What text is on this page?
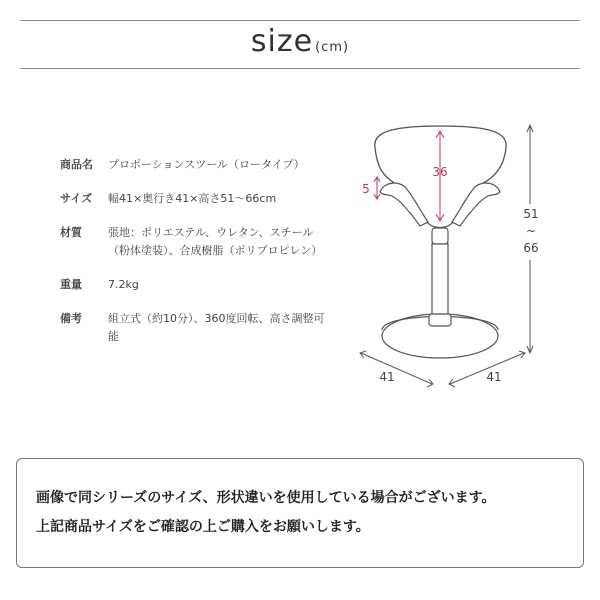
size (cm)
商品名	プロポーションスツール（ロータイプ）
サイズ	幅41×奥行き41×高さ51～66cm
材質	張地：ポリエステル、ウレタン、スチール（粉体塗装）、合成樹脂（ポリプロピレン）
重量	7.2kg
備考	組立式（約10分）、360度回転、高さ調整可能
36
5
51
~
66
41	41
画像で同シリーズのサイズ、形状違いを使用している場合がございます。
上記商品サイズをご確認の上ご購入をお願いします。
